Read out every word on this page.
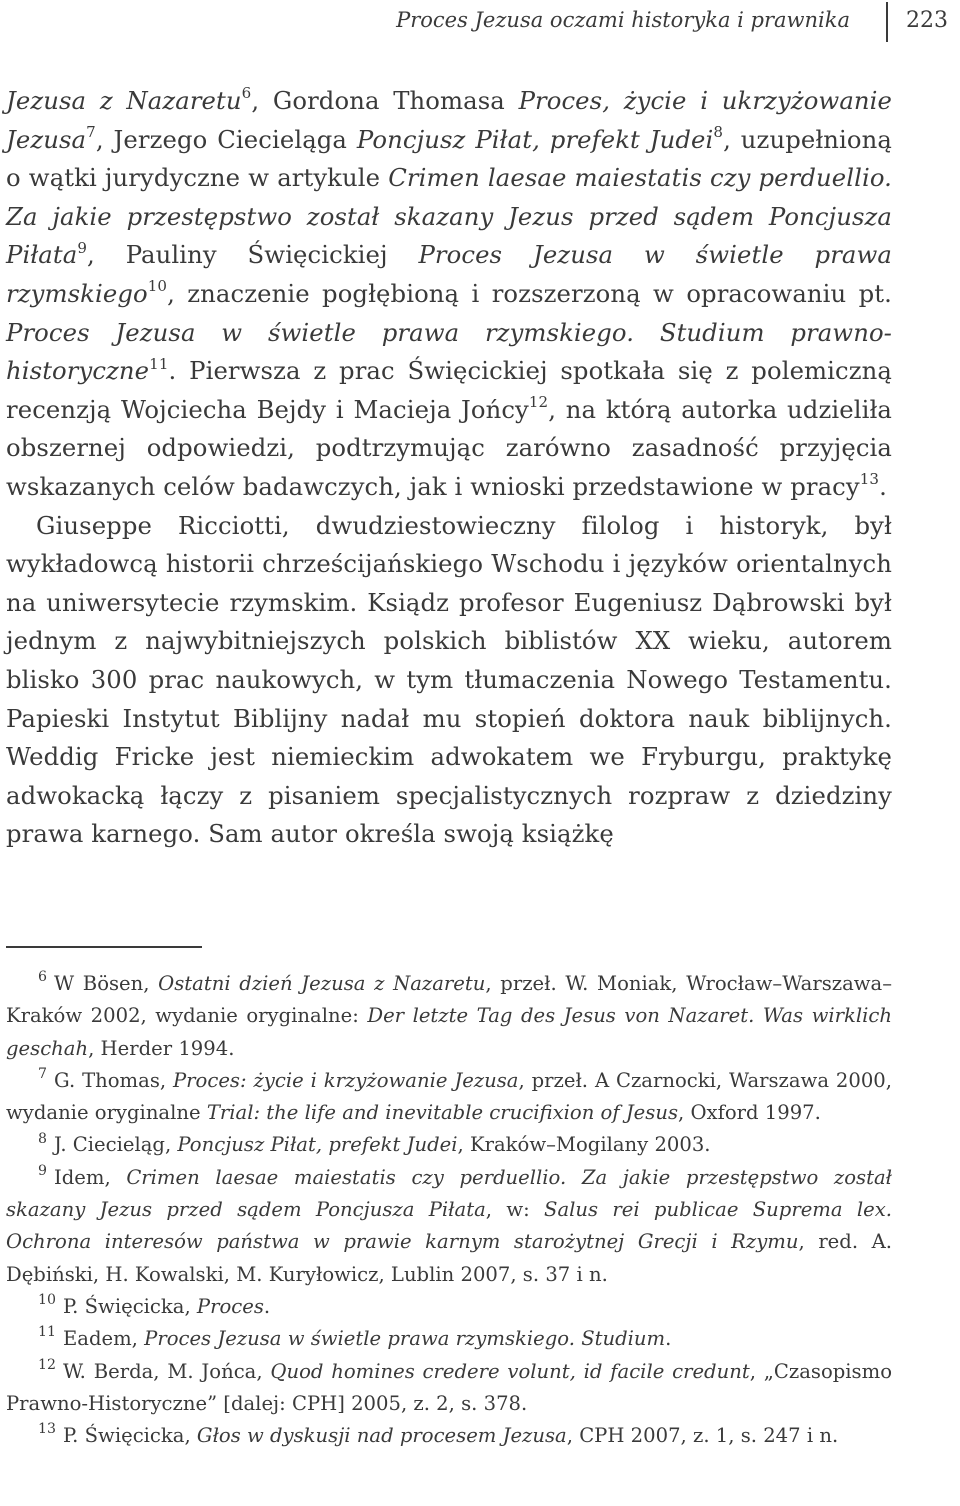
Proces Jezusa oczami historyka i prawnika	223

Jezusa z Nazaretu$^6$, Gordona Thomasa Proces, życie i ukrzyżowanie Jezusa$^7$, Jerzego Ciecieląga Poncjusz Piłat, prefekt Judei$^8$, uzupełnioną o wątki jurydyczne w artykule Crimen laesae maiestatis czy perduellio. Za jakie przestępstwo został skazany Jezus przed sądem Poncjusza Piłata$^9$, Pauliny Święcickiej Proces Jezusa w świetle prawa rzymskiego$^{10}$, znaczenie pogłębioną i rozszerzoną w opracowaniu pt. Proces Jezusa w świetle prawa rzymskiego. Studium prawno-historyczne$^{11}$. Pierwsza z prac Święcickiej spotkała się z polemiczną recenzją Wojciecha Bejdy i Macieja Jońcy$^{12}$, na którą autorka udzieliła obszernej odpowiedzi, podtrzymując zarówno zasadność przyjęcia wskazanych celów badawczych, jak i wnioski przedstawione w pracy$^{13}$.

Giuseppe Ricciotti, dwudziestowieczny filolog i historyk, był wykładowcą historii chrześcijańskiego Wschodu i języków orientalnych na uniwersytecie rzymskim. Ksiądz profesor Eugeniusz Dąbrowski był jednym z najwybitniejszych polskich biblistów XX wieku, autorem blisko 300 prac naukowych, w tym tłumaczenia Nowego Testamentu. Papieski Instytut Biblijny nadał mu stopień doktora nauk biblijnych. Weddig Fricke jest niemieckim adwokatem we Fryburgu, praktykę adwokacką łączy z pisaniem specjalistycznych rozpraw z dziedziny prawa karnego. Sam autor określa swoją książkę

$^6$ W Bösen, Ostatni dzień Jezusa z Nazaretu, przeł. W. Moniak, Wrocław–Warszawa–Kraków 2002, wydanie oryginalne: Der letzte Tag des Jesus von Nazaret. Was wirklich geschah, Herder 1994.

$^7$ G. Thomas, Proces: życie i krzyżowanie Jezusa, przeł. A Czarnocki, Warszawa 2000, wydanie oryginalne Trial: the life and inevitable crucifixion of Jesus, Oxford 1997.

$^8$ J. Ciecieląg, Poncjusz Piłat, prefekt Judei, Kraków–Mogilany 2003.

$^9$ Idem, Crimen laesae maiestatis czy perduellio. Za jakie przestępstwo został skazany Jezus przed sądem Poncjusza Piłata, w: Salus rei publicae Suprema lex. Ochrona interesów państwa w prawie karnym starożytnej Grecji i Rzymu, red. A. Dębiński, H. Kowalski, M. Kuryłowicz, Lublin 2007, s. 37 i n.

$^{10}$ P. Święcicka, Proces.

$^{11}$ Eadem, Proces Jezusa w świetle prawa rzymskiego. Studium.

$^{12}$ W. Berda, M. Jońca, Quod homines credere volunt, id facile credunt, „Czasopismo Prawno-Historyczne” [dalej: CPH] 2005, z. 2, s. 378.

$^{13}$ P. Święcicka, Głos w dyskusji nad procesem Jezusa, CPH 2007, z. 1, s. 247 i n.
